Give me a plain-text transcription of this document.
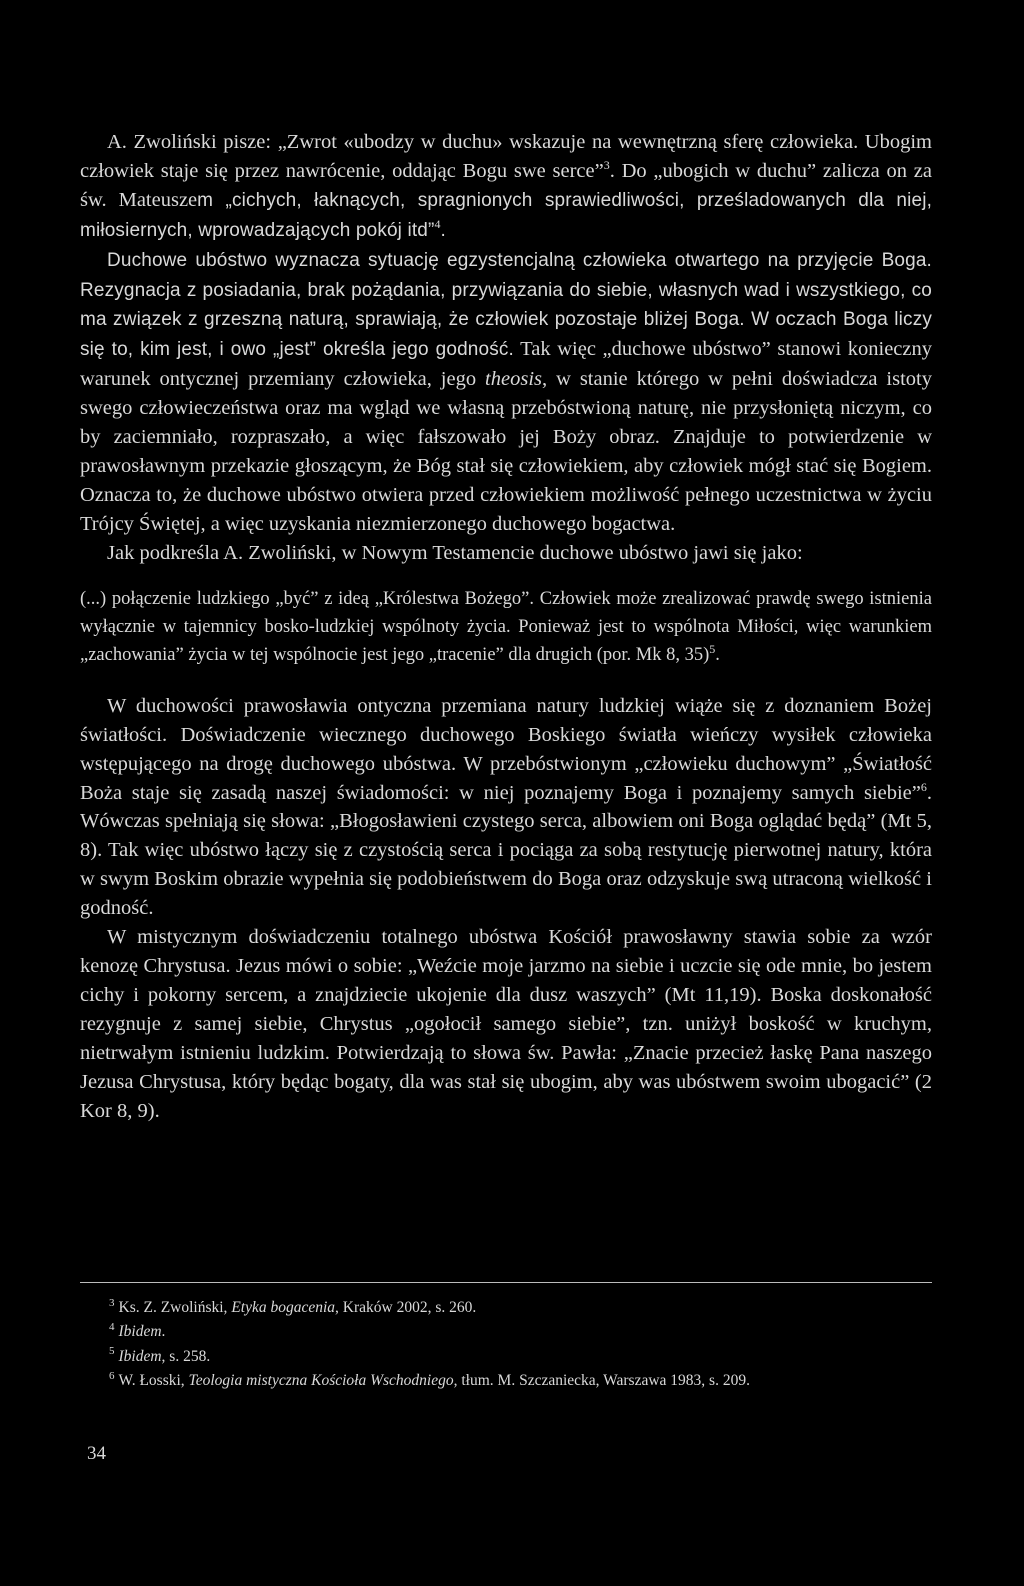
A. Zwoliński pisze: „Zwrot «ubodzy w duchu» wskazuje na wewnętrzną sferę człowieka. Ubogim człowiek staje się przez nawrócenie, oddając Bogu swe serce”$^3$. Do „ubogich w duchu” zalicza on za św. Mateuszem „cichych, łaknących, spragnionych sprawiedliwości, prześladowanych dla niej, miłosiernych, wprowadzających pokój itd”$^4$.

Duchowe ubóstwo wyznacza sytuację egzystencjalną człowieka otwartego na przyjęcie Boga. Rezygnacja z posiadania, brak pożądania, przywiązania do siebie, własnych wad i wszystkiego, co ma związek z grzeszną naturą, sprawiają, że człowiek pozostaje bliżej Boga. W oczach Boga liczy się to, kim jest, i owo „jest” określa jego godność. Tak więc „duchowe ubóstwo” stanowi konieczny warunek ontycznej przemiany człowieka, jego theosis, w stanie którego w pełni doświadcza istoty swego człowieczeństwa oraz ma wgląd we własną przebóstwioną naturę, nie przysłoniętą niczym, co by zaciemniało, rozpraszało, a więc fałszowało jej Boży obraz. Znajduje to potwierdzenie w prawosławnym przekazie głoszącym, że Bóg stał się człowiekiem, aby człowiek mógł stać się Bogiem. Oznacza to, że duchowe ubóstwo otwiera przed człowiekiem możliwość pełnego uczestnictwa w życiu Trójcy Świętej, a więc uzyskania niezmierzonego duchowego bogactwa.

Jak podkreśla A. Zwoliński, w Nowym Testamencie duchowe ubóstwo jawi się jako:

(...) połączenie ludzkiego „być” z ideą „Królestwa Bożego”. Człowiek może zrealizować prawdę swego istnienia wyłącznie w tajemnicy bosko-ludzkiej wspólnoty życia. Ponieważ jest to wspólnota Miłości, więc warunkiem „zachowania” życia w tej wspólnocie jest jego „tracenie” dla drugich (por. Mk 8, 35)$^5$.

W duchowości prawosławia ontyczna przemiana natury ludzkiej wiąże się z doznaniem Bożej światłości. Doświadczenie wiecznego duchowego Boskiego światła wieńczy wysiłek człowieka wstępującego na drogę duchowego ubóstwa. W przebóstwionym „człowieku duchowym” „Światłość Boża staje się zasadą naszej świadomości: w niej poznajemy Boga i poznajemy samych siebie”$^6$. Wówczas spełniają się słowa: „Błogosławieni czystego serca, albowiem oni Boga oglądać będą” (Mt 5, 8). Tak więc ubóstwo łączy się z czystością serca i pociąga za sobą restytucję pierwotnej natury, która w swym Boskim obrazie wypełnia się podobieństwem do Boga oraz odzyskuje swą utraconą wielkość i godność.

W mistycznym doświadczeniu totalnego ubóstwa Kościół prawosławny stawia sobie za wzór kenozę Chrystusa. Jezus mówi o sobie: „Weźcie moje jarzmo na siebie i uczcie się ode mnie, bo jestem cichy i pokorny sercem, a znajdziecie ukojenie dla dusz waszych” (Mt 11,19). Boska doskonałość rezygnuje z samej siebie, Chrystus „ogołocił samego siebie”, tzn. uniżył boskość w kruchym, nietrwałym istnieniu ludzkim. Potwierdzają to słowa św. Pawła: „Znacie przecież łaskę Pana naszego Jezusa Chrystusa, który będąc bogaty, dla was stał się ubogim, aby was ubóstwem swoim ubogacić” (2 Kor 8, 9).

$^3$ Ks. Z. Zwoliński, Etyka bogacenia, Kraków 2002, s. 260.
$^4$ Ibidem.
$^5$ Ibidem, s. 258.
$^6$ W. Łosski, Teologia mistyczna Kościoła Wschodniego, tłum. M. Szczaniecka, Warszawa 1983, s. 209.
34
